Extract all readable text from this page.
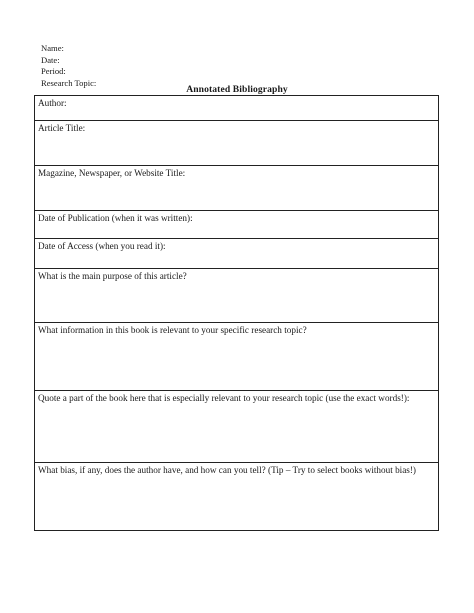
Name:
Date:
Period:
Research Topic:
Annotated Bibliography
Author:
Article Title:
Magazine, Newspaper, or Website Title:
Date of Publication (when it was written):
Date of Access (when you read it):
What is the main purpose of this article?
What information in this book is relevant to your specific research topic?
Quote a part of the book here that is especially relevant to your research topic (use the exact words!):
What bias, if any, does the author have, and how can you tell? (Tip – Try to select books without bias!)
